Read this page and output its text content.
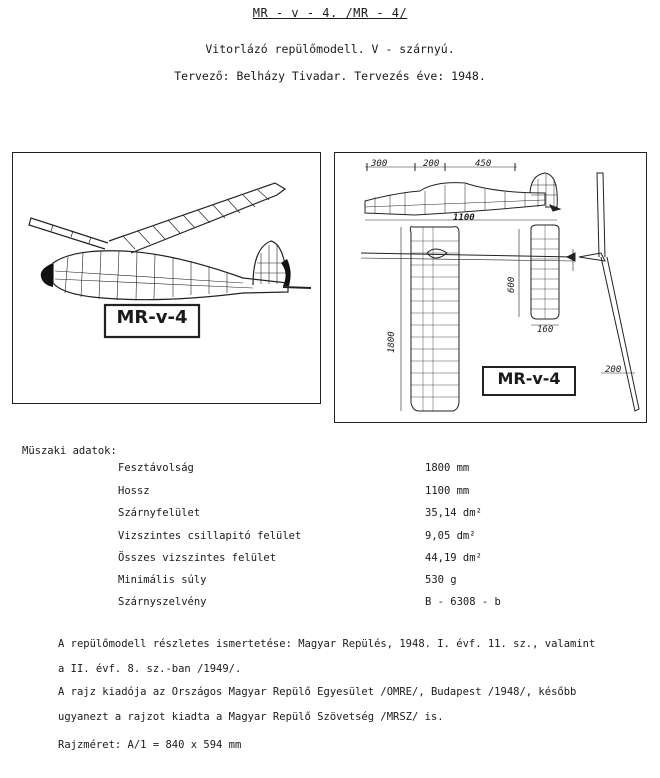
MR - v - 4. /MR - 4/
Vitorlázó repülőmodell. V - szárnyú.
Tervező: Belházy Tivadar. Tervezés éve: 1948.
MR-v-4
300	200	450
1100
1800
600
160
200
MR-v-4
Müszaki adatok:
Fesztávolság	1800 mm
Hossz	1100 mm
Szárnyfelület	35,14 dm²
Vizszintes csillapitó felület	9,05 dm²
Összes vizszintes felület	44,19 dm²
Minimális súly	530 g
Szárnyszelvény	B - 6308 - b
A repülőmodell részletes ismertetése: Magyar Repülés, 1948. I. évf. 11. sz., valamint
a II. évf. 8. sz.-ban /1949/.
A rajz kiadója az Országos Magyar Repülő Egyesület /OMRE/, Budapest /1948/, később
ugyanezt a rajzot kiadta a Magyar Repülő Szövetség /MRSZ/ is.
Rajzméret: A/1 = 840 x 594 mm
